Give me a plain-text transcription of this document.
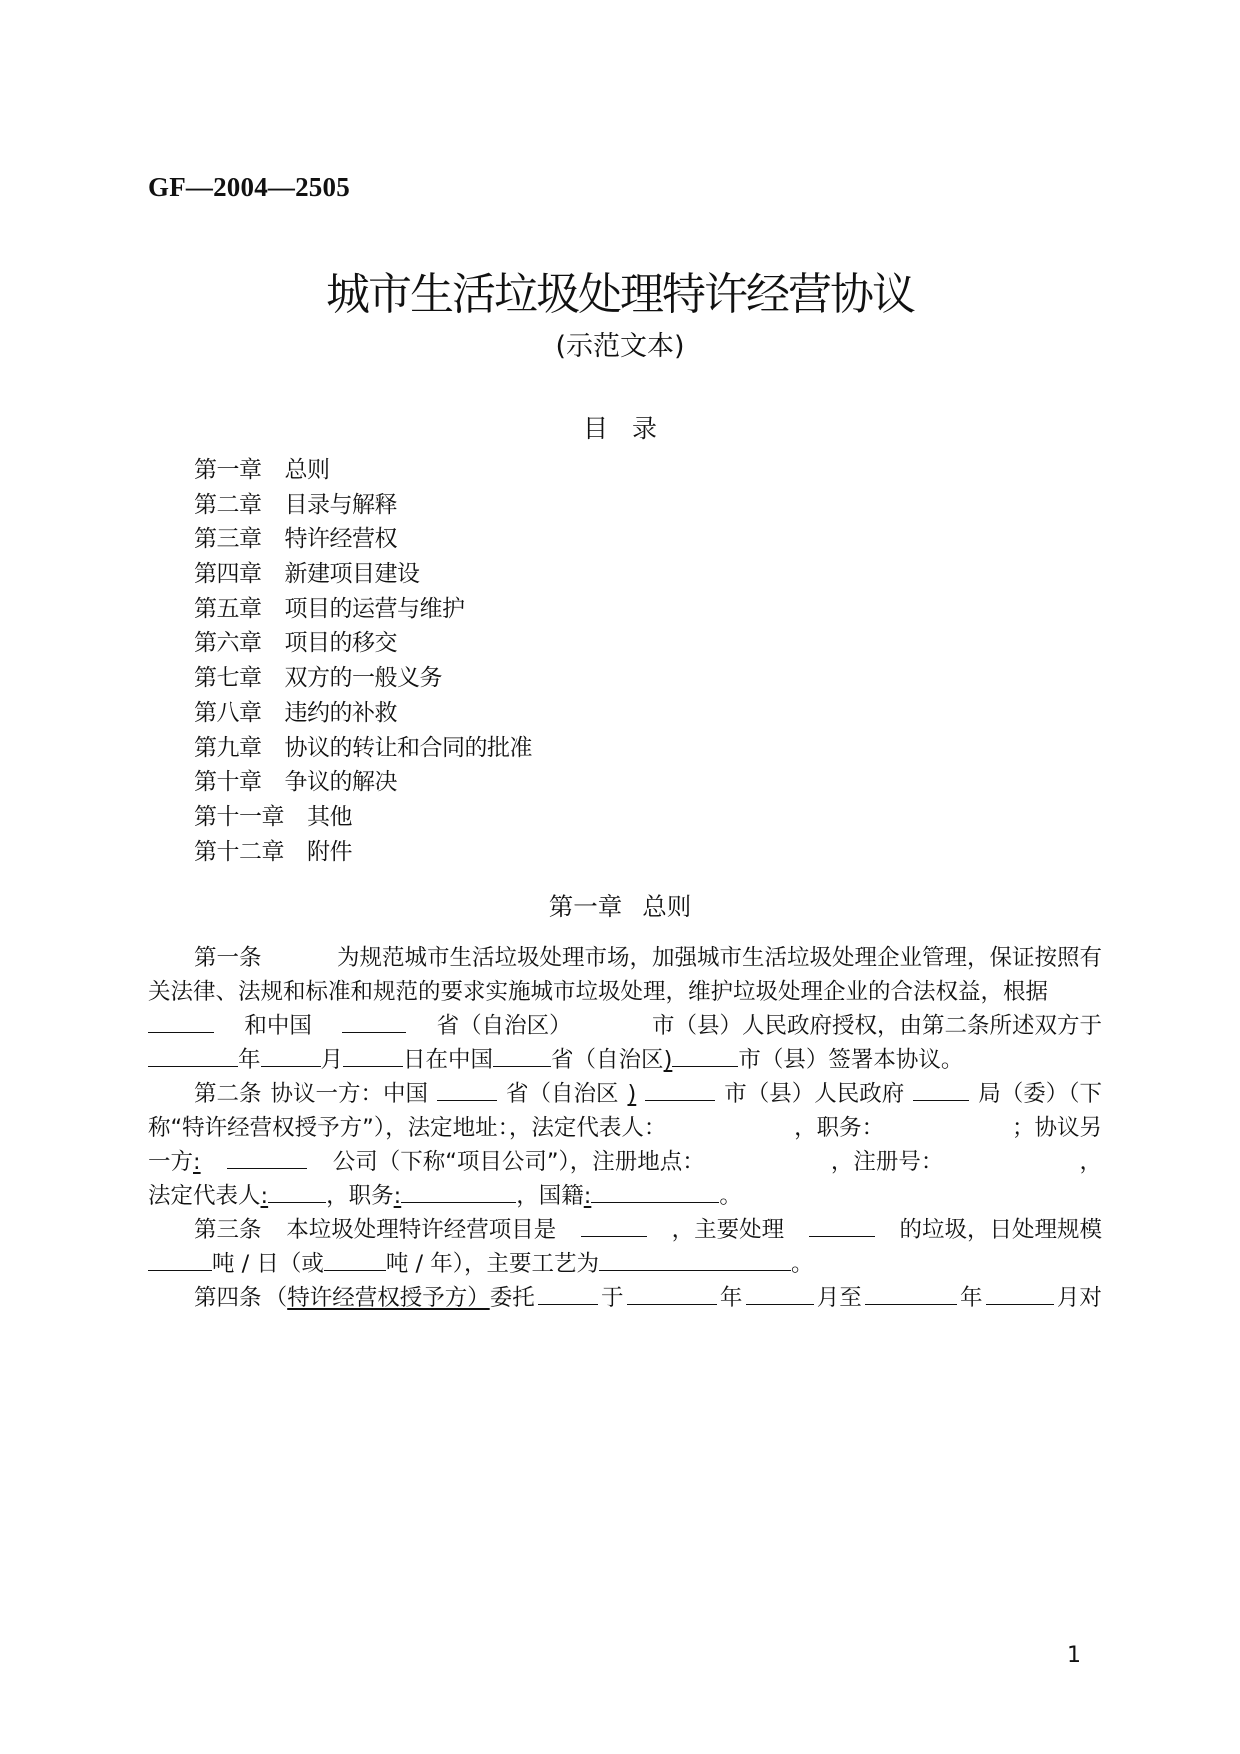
GF—2004—2505
城市生活垃圾处理特许经营协议
(示范文本)
目 录
第一章 总则
第二章 目录与解释
第三章 特许经营权
第四章 新建项目建设
第五章 项目的运营与维护
第六章 项目的移交
第七章 双方的一般义务
第八章 违约的补救
第九章 协议的转让和合同的批准
第十章 争议的解决
第十一章 其他
第十二章 附件
第一章 总则
第一条	为规范城市生活垃圾处理市场，加强城市生活垃圾处理企业管理，保证按照有
关法律、法规和标准和规范的要求实施城市垃圾处理，维护垃圾处理企业的合法权益，根据
和中国	省（自治区）	市（县）人民政府授权，由第二条所述双方于
年	月	日在中国	省（自治区 )	市（县）签署本协议。
第二条 协议一方：中国	省（自治区 )	市（县）人民政府	局（委）（下
称“特许经营权授予方”），法定地址：，法定代表人：	，职务：	；协议另
一方:	公司（下称“项目公司”），注册地点：	，注册号：	，
法定代表人:	，职务:	，国籍:	。
第三条 本垃圾处理特许经营项目是	，主要处理	的垃圾，日处理规模
吨 / 日（或	吨 / 年），主要工艺为	。
第四条 （特许经营权授予方）委托	于	年	月至	年	月对
1
